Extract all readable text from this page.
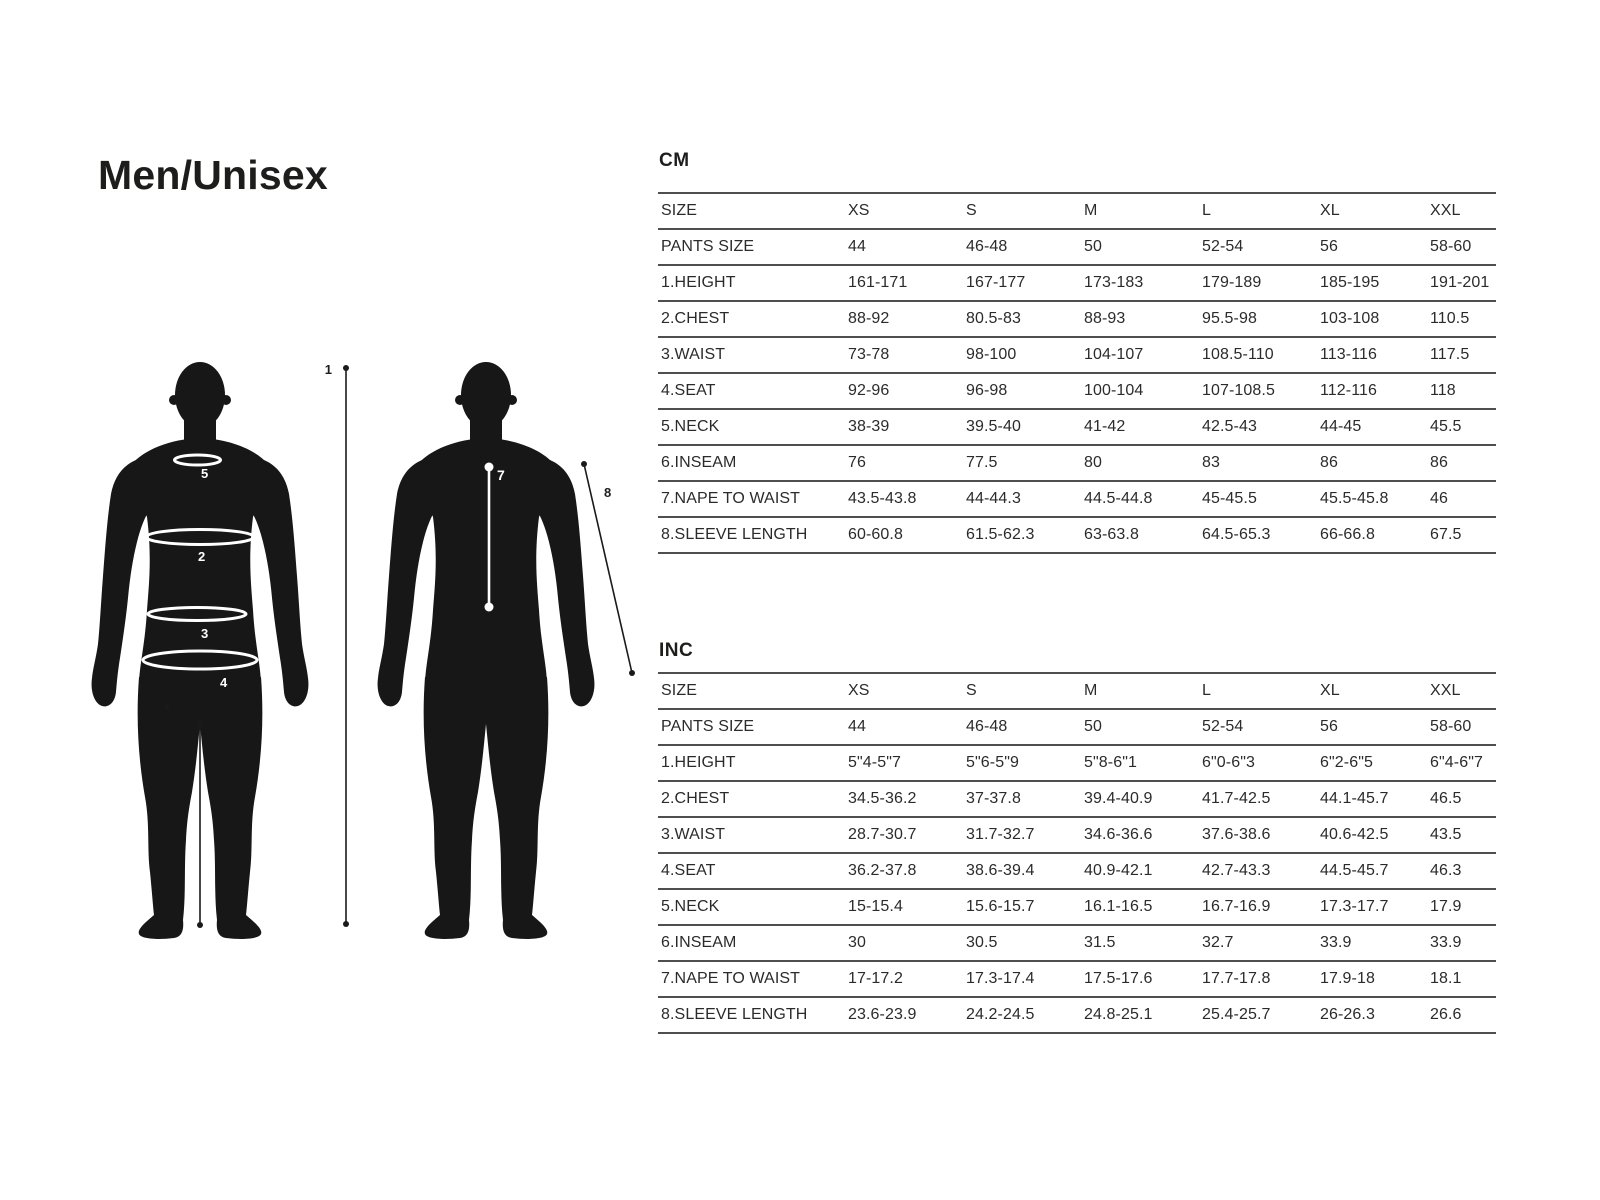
Men/Unisex	CM
SIZE	XS	S	M	L	XL	XXL
PANTS SIZE	44	46-48	50	52-54	56	58-60
1.HEIGHT	161-171	167-177	173-183	179-189	185-195	191-201
2.CHEST	88-92	80.5-83	88-93	95.5-98	103-108	110.5
3.WAIST	73-78	98-100	104-107	108.5-110	113-116	117.5
4.SEAT	92-96	96-98	100-104	107-108.5	112-116	118
5.NECK	38-39	39.5-40	41-42	42.5-43	44-45	45.5
6.INSEAM	76	77.5	80	83	86	86
7.NAPE TO WAIST	43.5-43.8	44-44.3	44.5-44.8	45-45.5	45.5-45.8	46
8.SLEEVE LENGTH	60-60.8	61.5-62.3	63-63.8	64.5-65.3	66-66.8	67.5
INC
SIZE	XS	S	M	L	XL	XXL
PANTS SIZE	44	46-48	50	52-54	56	58-60
1.HEIGHT	5"4-5"7	5"6-5"9	5"8-6"1	6"0-6"3	6"2-6"5	6"4-6"7
2.CHEST	34.5-36.2	37-37.8	39.4-40.9	41.7-42.5	44.1-45.7	46.5
3.WAIST	28.7-30.7	31.7-32.7	34.6-36.6	37.6-38.6	40.6-42.5	43.5
4.SEAT	36.2-37.8	38.6-39.4	40.9-42.1	42.7-43.3	44.5-45.7	46.3
5.NECK	15-15.4	15.6-15.7	16.1-16.5	16.7-16.9	17.3-17.7	17.9
6.INSEAM	30	30.5	31.5	32.7	33.9	33.9
7.NAPE TO WAIST	17-17.2	17.3-17.4	17.5-17.6	17.7-17.8	17.9-18	18.1
8.SLEEVE LENGTH	23.6-23.9	24.2-24.5	24.8-25.1	25.4-25.7	26-26.3	26.6
1
5
2
3
4
7
8
